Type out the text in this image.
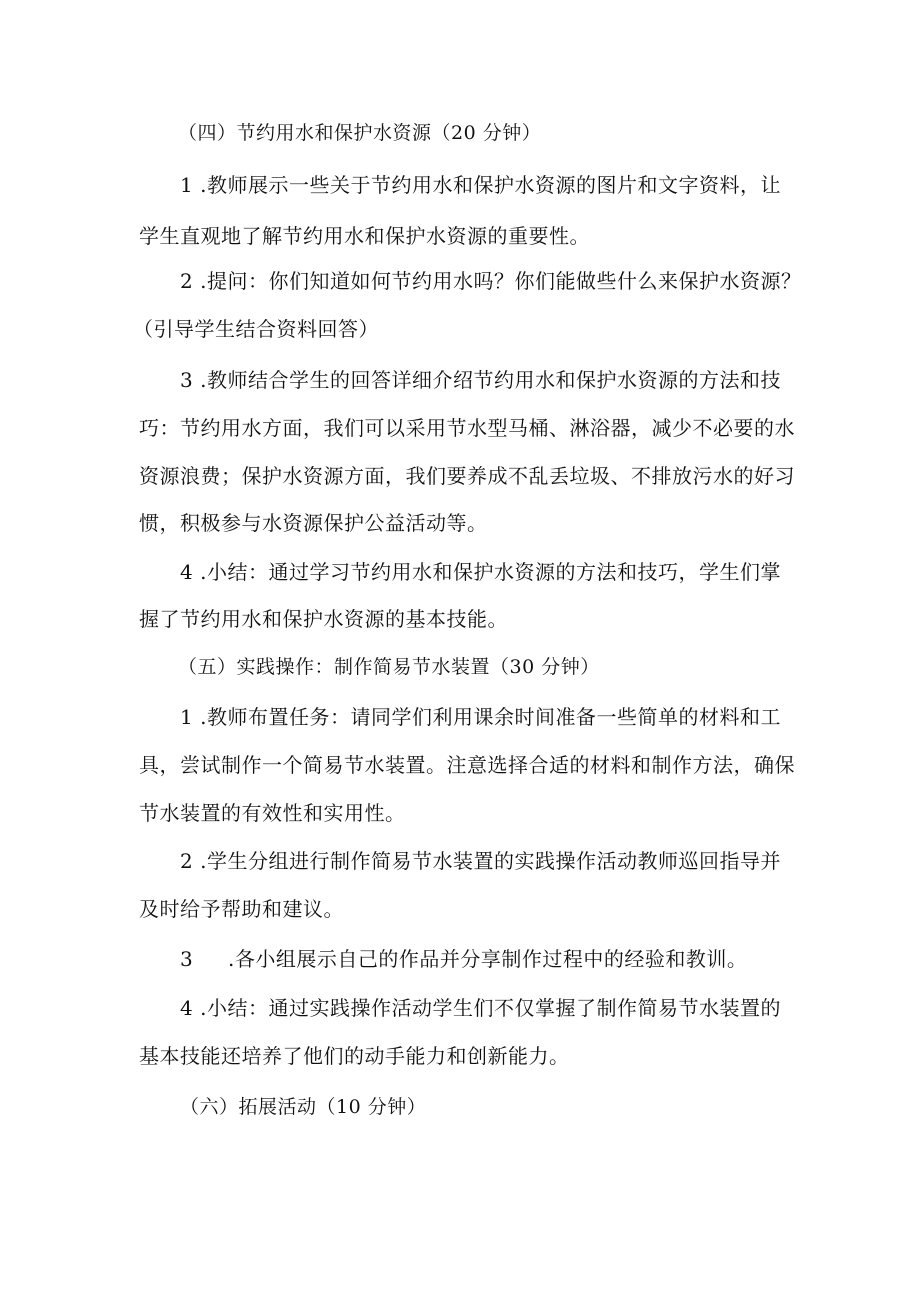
（四）节约用水和保护水资源（20 分钟）
1 .教师展示一些关于节约用水和保护水资源的图片和文字资料，让
学生直观地了解节约用水和保护水资源的重要性。
2 .提问：你们知道如何节约用水吗？你们能做些什么来保护水资源？
（引导学生结合资料回答）
3 .教师结合学生的回答详细介绍节约用水和保护水资源的方法和技
巧：节约用水方面，我们可以采用节水型马桶、淋浴器，减少不必要的水
资源浪费；保护水资源方面，我们要养成不乱丢垃圾、不排放污水的好习
惯，积极参与水资源保护公益活动等。
4 .小结：通过学习节约用水和保护水资源的方法和技巧，学生们掌
握了节约用水和保护水资源的基本技能。
（五）实践操作：制作简易节水装置（30 分钟）
1 .教师布置任务：请同学们利用课余时间准备一些简单的材料和工
具，尝试制作一个简易节水装置。注意选择合适的材料和制作方法，确保
节水装置的有效性和实用性。
2 .学生分组进行制作简易节水装置的实践操作活动教师巡回指导并
及时给予帮助和建议。
3 .各小组展示自己的作品并分享制作过程中的经验和教训。
4 .小结：通过实践操作活动学生们不仅掌握了制作简易节水装置的
基本技能还培养了他们的动手能力和创新能力。
（六）拓展活动（10 分钟）
